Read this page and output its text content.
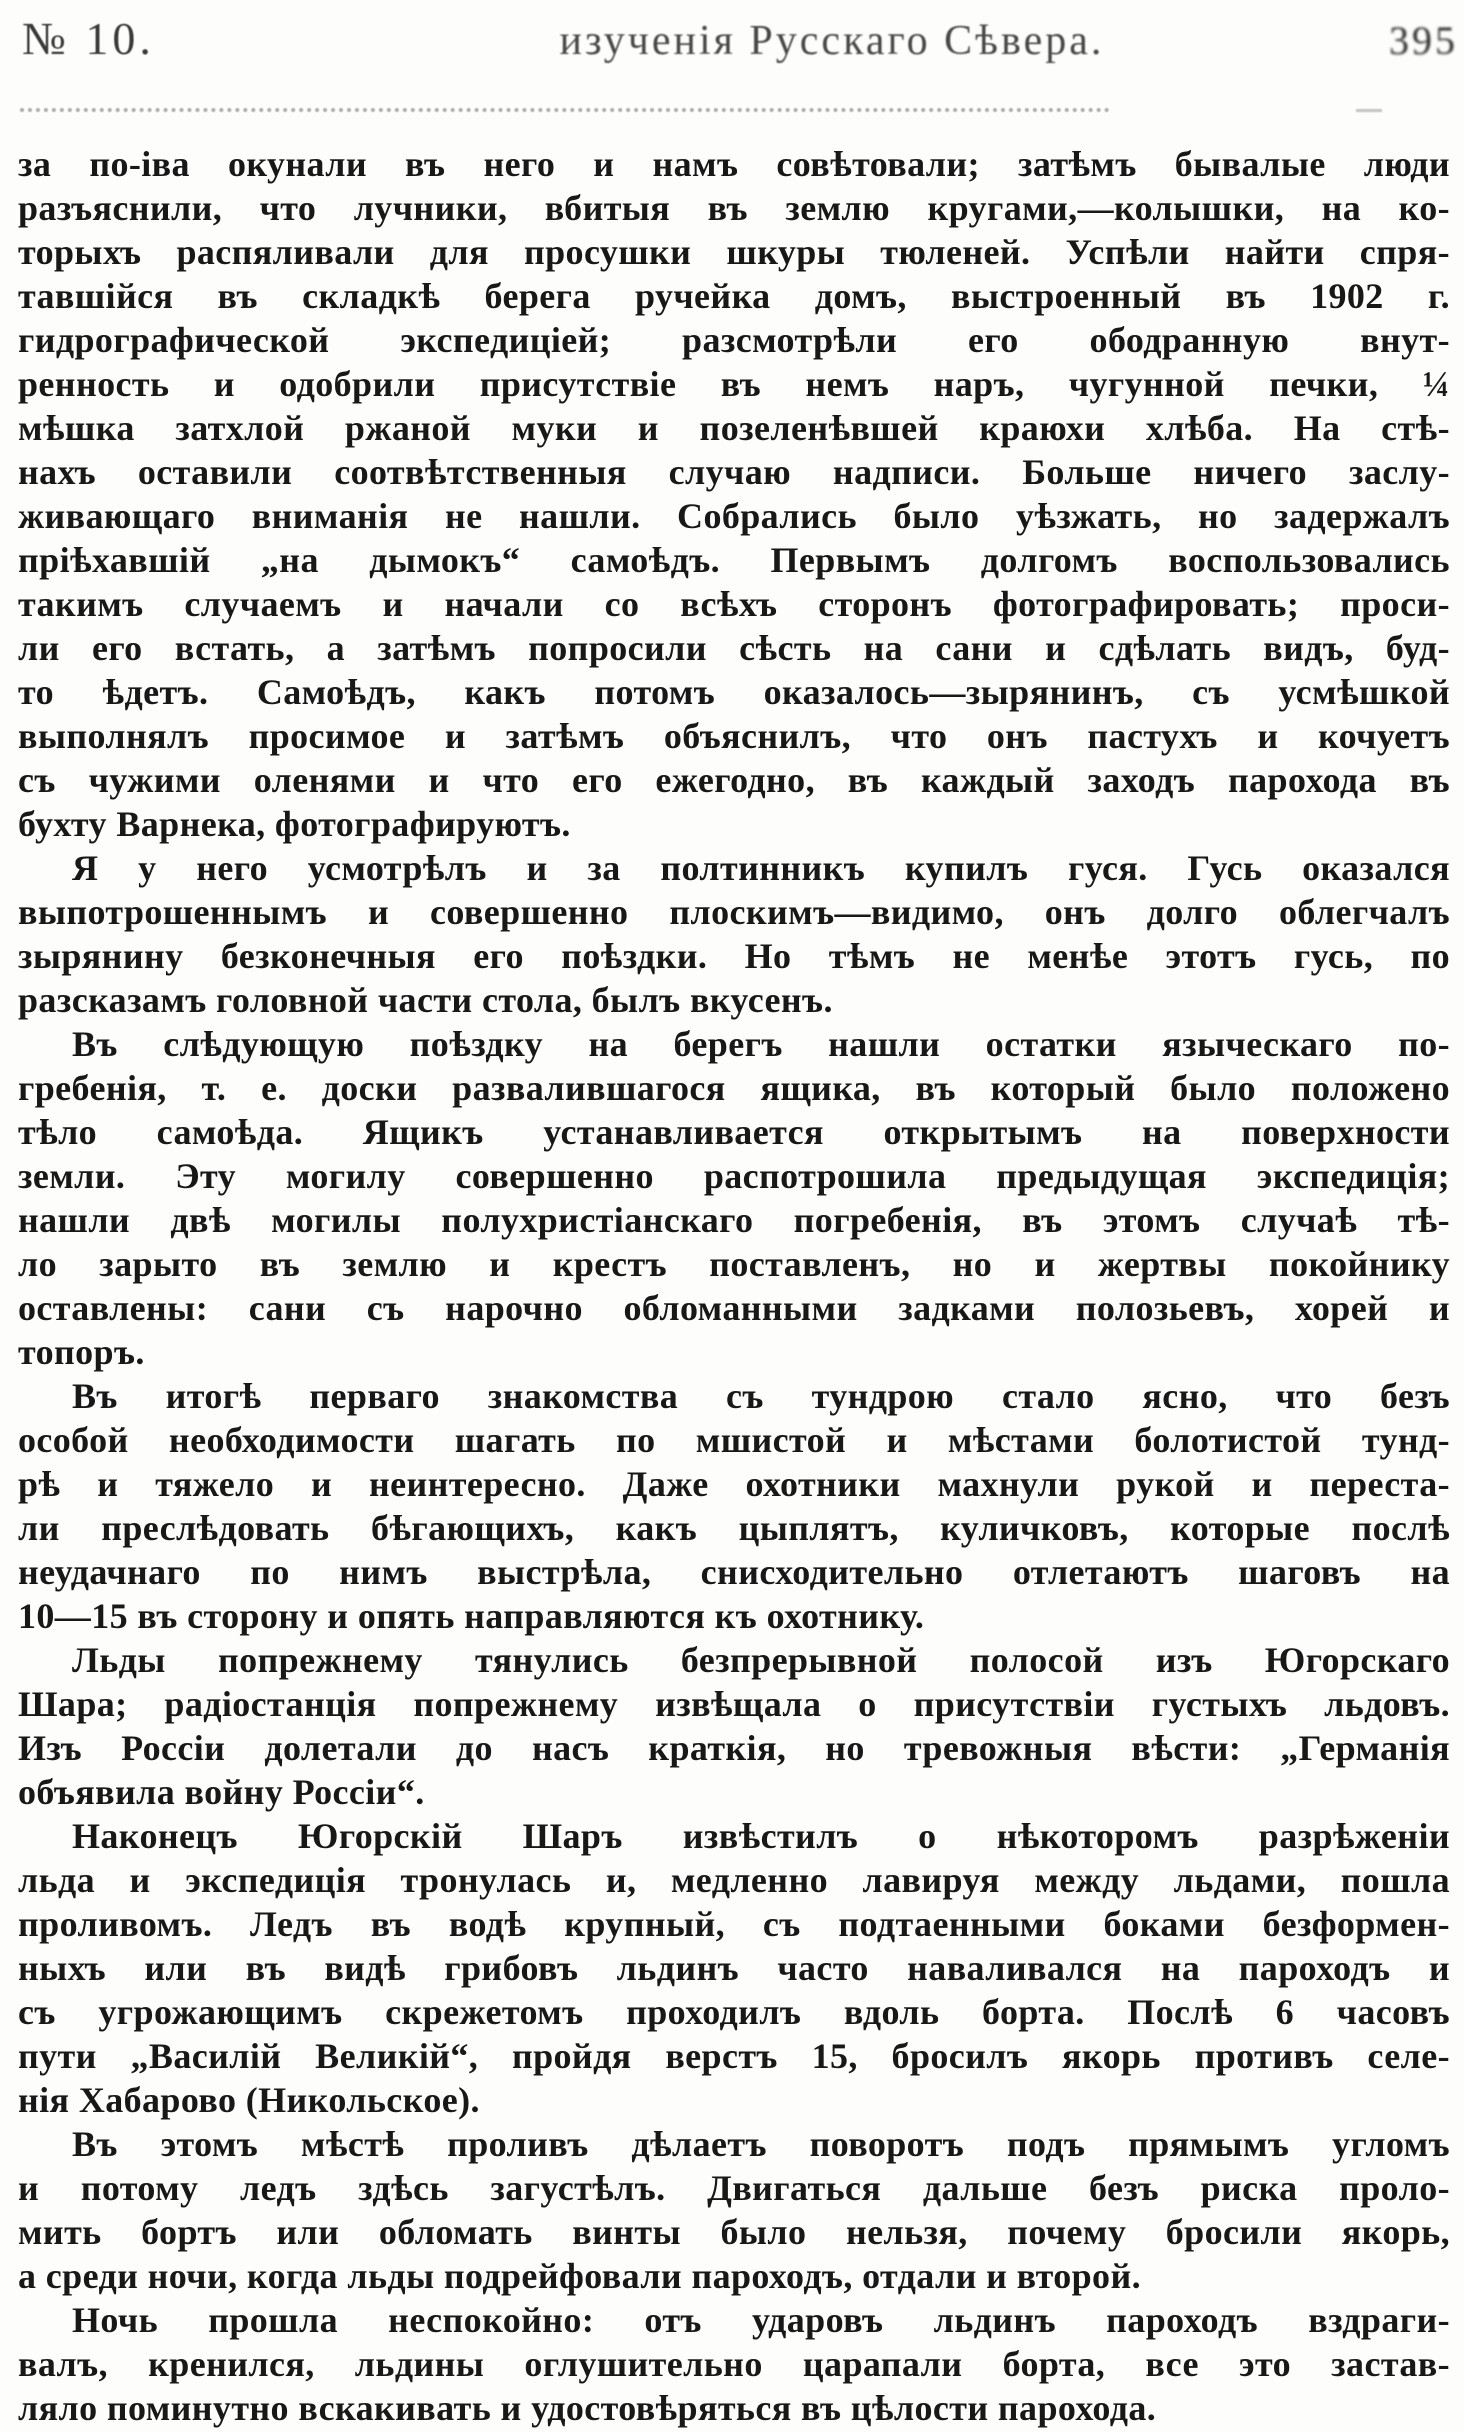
№ 10.	изученія Русскаго Сѣвера.	395
за по-іва окунали въ него и намъ совѣтовали; затѣмъ бывалые люди
разъяснили, что лучники, вбитыя въ землю кругами,—колышки, на ко-
торыхъ распяливали для просушки шкуры тюленей. Успѣли найти спря-
тавшійся въ складкѣ берега ручейка домъ, выстроенный въ 1902 г.
гидрографической экспедиціей; разсмотрѣли его ободранную внут-
ренность и одобрили присутствіе въ немъ наръ, чугунной печки, ¼
мѣшка затхлой ржаной муки и позеленѣвшей краюхи хлѣба. На стѣ-
нахъ оставили соотвѣтственныя случаю надписи. Больше ничего заслу-
живающаго вниманія не нашли. Собрались было уѣзжать, но задержалъ
пріѣхавшій „на дымокъ“ самоѣдъ. Первымъ долгомъ воспользовались
такимъ случаемъ и начали со всѣхъ сторонъ фотографировать; проси-
ли его встать, а затѣмъ попросили сѣсть на сани и сдѣлать видъ, буд-
то ѣдетъ. Самоѣдъ, какъ потомъ оказалось—зырянинъ, съ усмѣшкой
выполнялъ просимое и затѣмъ объяснилъ, что онъ пастухъ и кочуетъ
съ чужими оленями и что его ежегодно, въ каждый заходъ парохода въ
бухту Варнека, фотографируютъ.
Я у него усмотрѣлъ и за полтинникъ купилъ гуся. Гусь оказался
выпотрошеннымъ и совершенно плоскимъ—видимо, онъ долго облегчалъ
зырянину безконечныя его поѣздки. Но тѣмъ не менѣе этотъ гусь, по
разсказамъ головной части стола, былъ вкусенъ.
Въ слѣдующую поѣздку на берегъ нашли остатки языческаго по-
гребенія, т. е. доски развалившагося ящика, въ который было положено
тѣло самоѣда. Ящикъ устанавливается открытымъ на поверхности
земли. Эту могилу совершенно распотрошила предыдущая экспедиція;
нашли двѣ могилы полухристіанскаго погребенія, въ этомъ случаѣ тѣ-
ло зарыто въ землю и крестъ поставленъ, но и жертвы покойнику
оставлены: сани съ нарочно обломанными задками полозьевъ, хорей и
топоръ.
Въ итогѣ перваго знакомства съ тундрою стало ясно, что безъ
особой необходимости шагать по мшистой и мѣстами болотистой тунд-
рѣ и тяжело и неинтересно. Даже охотники махнули рукой и переста-
ли преслѣдовать бѣгающихъ, какъ цыплятъ, куличковъ, которые послѣ
неудачнаго по нимъ выстрѣла, снисходительно отлетаютъ шаговъ на
10—15 въ сторону и опять направляются къ охотнику.
Льды попрежнему тянулись безпрерывной полосой изъ Югорскаго
Шара; радіостанція попрежнему извѣщала о присутствіи густыхъ льдовъ.
Изъ Россіи долетали до насъ краткія, но тревожныя вѣсти: „Германія
объявила войну Россіи“.
Наконецъ Югорскій Шаръ извѣстилъ о нѣкоторомъ разрѣженіи
льда и экспедиція тронулась и, медленно лавируя между льдами, пошла
проливомъ. Ледъ въ водѣ крупный, съ подтаенными боками безформен-
ныхъ или въ видѣ грибовъ льдинъ часто наваливался на пароходъ и
съ угрожающимъ скрежетомъ проходилъ вдоль борта. Послѣ 6 часовъ
пути „Василій Великій“, пройдя верстъ 15, бросилъ якорь противъ селе-
нія Хабарово (Никольское).
Въ этомъ мѣстѣ проливъ дѣлаетъ поворотъ подъ прямымъ угломъ
и потому ледъ здѣсь загустѣлъ. Двигаться дальше безъ риска проло-
мить бортъ или обломать винты было нельзя, почему бросили якорь,
а среди ночи, когда льды подрейфовали пароходъ, отдали и второй.
Ночь прошла неспокойно: отъ ударовъ льдинъ пароходъ вздраги-
валъ, кренился, льдины оглушительно царапали борта, все это застав-
ляло поминутно вскакивать и удостовѣряться въ цѣлости парохода.
